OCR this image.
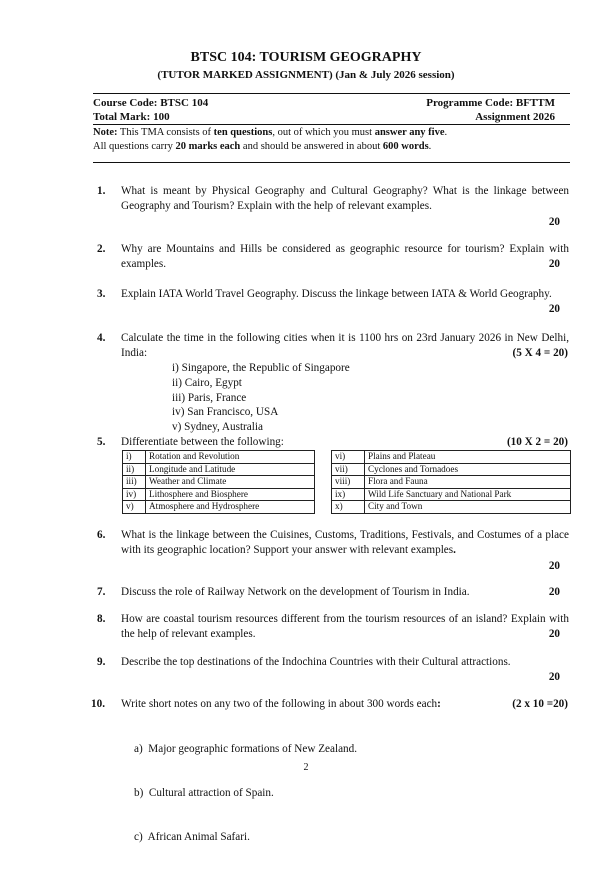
BTSC 104: TOURISM GEOGRAPHY
(TUTOR MARKED ASSIGNMENT) (Jan & July 2026 session)
Course Code: BTSC 104	Programme Code: BFTTM
Total Mark: 100	Assignment 2026
Note: This TMA consists of ten questions, out of which you must answer any five.
All questions carry 20 marks each and should be answered in about 600 words.
1.	What is meant by Physical Geography and Cultural Geography? What is the linkage between Geography and Tourism? Explain with the help of relevant examples.
20
2.	Why are Mountains and Hills be considered as geographic resource for tourism? Explain with examples.	20
3.	Explain IATA World Travel Geography. Discuss the linkage between IATA & World Geography.
20
4.	Calculate the time in the following cities when it is 1100 hrs on 23rd January 2026 in New Delhi, India:	(5 X 4 = 20)
i) Singapore, the Republic of Singapore
ii) Cairo, Egypt
iii) Paris, France
iv) San Francisco, USA
v) Sydney, Australia
5.	Differentiate between the following:	(10 X 2 = 20)
i)	Rotation and Revolution
ii)	Longitude and Latitude
iii)	Weather and Climate
iv)	Lithosphere and Biosphere
v)	Atmosphere and Hydrosphere
vi)	Plains and Plateau
vii)	Cyclones and Tornadoes
viii)	Flora and Fauna
ix)	Wild Life Sanctuary and National Park
x)	City and Town
6.	What is the linkage between the Cuisines, Customs, Traditions, Festivals, and Costumes of a place with its geographic location? Support your answer with relevant examples.
20
7.	Discuss the role of Railway Network on the development of Tourism in India.	20
8.	How are coastal tourism resources different from the tourism resources of an island? Explain with the help of relevant examples.	20
9.	Describe the top destinations of the Indochina Countries with their Cultural attractions.
20
10.	Write short notes on any two of the following in about 300 words each:	(2 x 10 =20)

a)  Major geographic formations of New Zealand.

b)  Cultural attraction of Spain.

c)  African Animal Safari.

2
